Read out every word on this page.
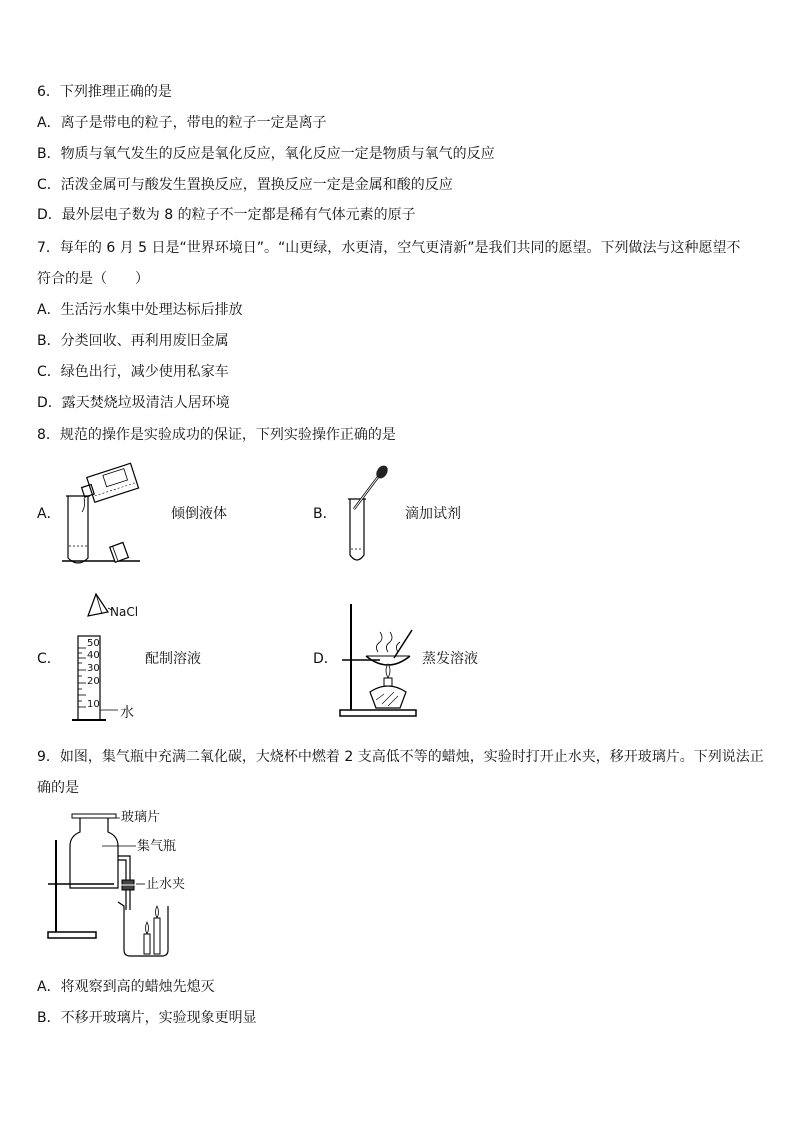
6．下列推理正确的是
A．离子是带电的粒子，带电的粒子一定是离子
B．物质与氧气发生的反应是氧化反应，氧化反应一定是物质与氧气的反应
C．活泼金属可与酸发生置换反应，置换反应一定是金属和酸的反应
D．最外层电子数为 8 的粒子不一定都是稀有气体元素的原子
7．每年的 6 月 5 日是“世界环境日”。“山更绿，水更清，空气更清新”是我们共同的愿望。下列做法与这种愿望不
符合的是（　　）
A．生活污水集中处理达标后排放
B．分类回收、再利用废旧金属
C．绿色出行，减少使用私家车
D．露天焚烧垃圾清洁人居环境
8．规范的操作是实验成功的保证，下列实验操作正确的是
A．	倾倒液体	B．	滴加试剂
C．
NaCl
50
40
30
20
10
水
配制溶液	D．	蒸发溶液
9．如图，集气瓶中充满二氧化碳，大烧杯中燃着 2 支高低不等的蜡烛，实验时打开止水夹，移开玻璃片。下列说法正
确的是
玻璃片
集气瓶
止水夹
A．将观察到高的蜡烛先熄灭
B．不移开玻璃片，实验现象更明显
